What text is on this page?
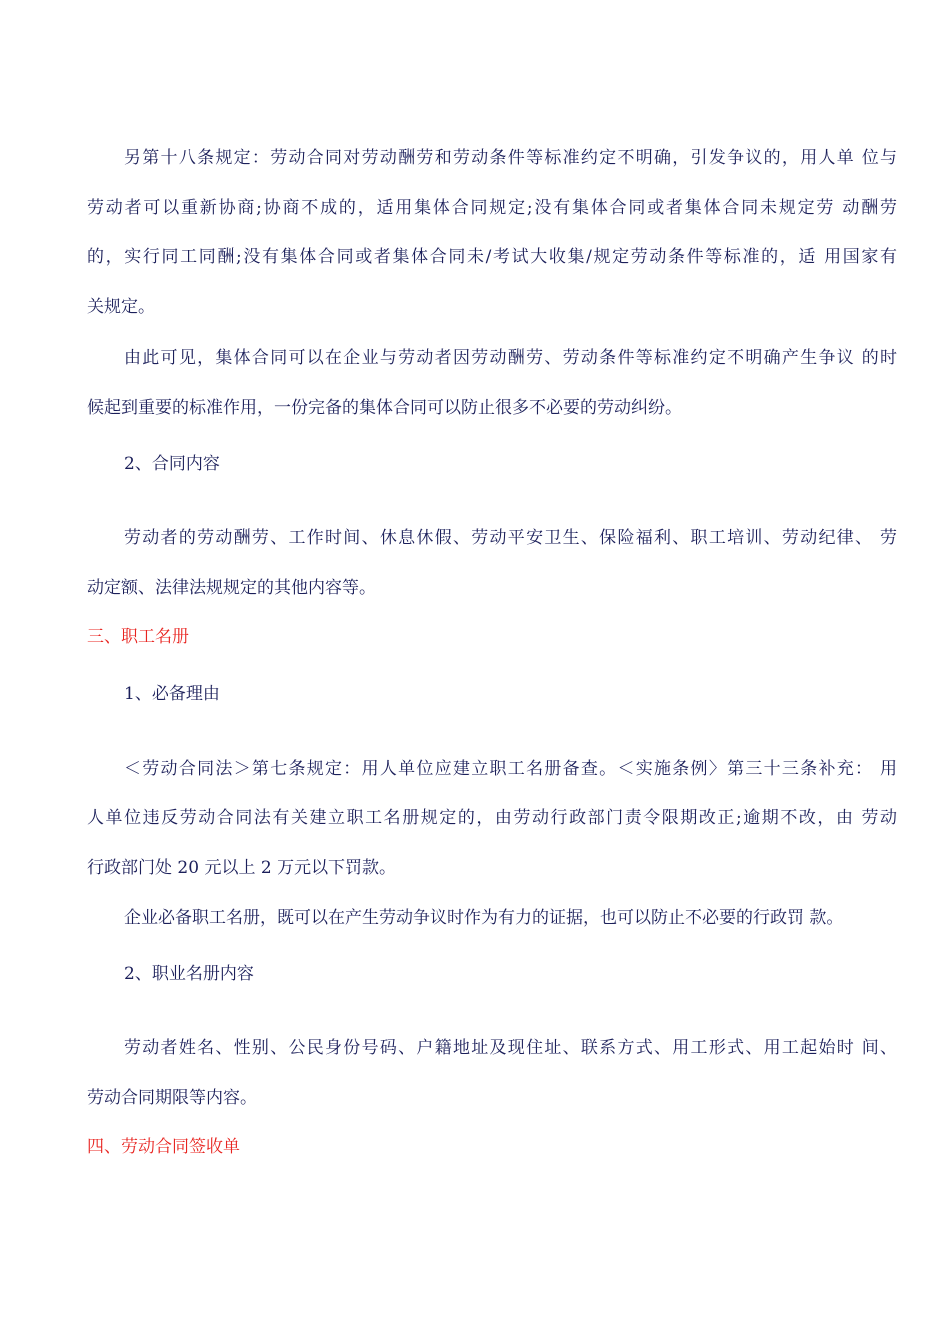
另第十八条规定：劳动合同对劳动酬劳和劳动条件等标准约定不明确，引发争议的，用人单 位与
劳动者可以重新协商;协商不成的，适用集体合同规定;没有集体合同或者集体合同未规定劳 动酬劳
的，实行同工同酬;没有集体合同或者集体合同未/考试大收集/规定劳动条件等标准的，适 用国家有
关规定。
由此可见，集体合同可以在企业与劳动者因劳动酬劳、劳动条件等标准约定不明确产生争议 的时
候起到重要的标准作用，一份完备的集体合同可以防止很多不必要的劳动纠纷。
2、合同内容
劳动者的劳动酬劳、工作时间、休息休假、劳动平安卫生、保险福利、职工培训、劳动纪律、 劳
动定额、法律法规规定的其他内容等。
三、职工名册
1、必备理由
＜劳动合同法＞第七条规定：用人单位应建立职工名册备查。＜实施条例〉第三十三条补充： 用
人单位违反劳动合同法有关建立职工名册规定的，由劳动行政部门责令限期改正;逾期不改，由 劳动
行政部门处 20 元以上 2 万元以下罚款。
企业必备职工名册，既可以在产生劳动争议时作为有力的证据，也可以防止不必要的行政罚 款。
2、职业名册内容
劳动者姓名、性别、公民身份号码、户籍地址及现住址、联系方式、用工形式、用工起始时 间、
劳动合同期限等内容。
四、劳动合同签收单
